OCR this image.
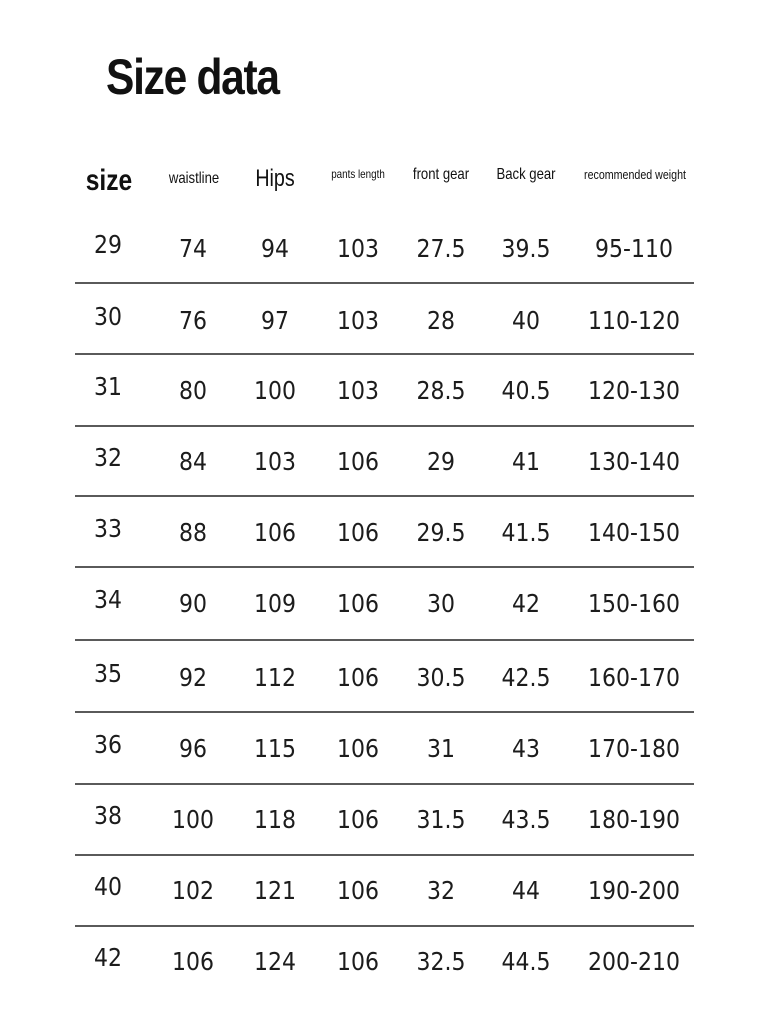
Size data
size waistline Hips	pants length front gear Back gear recommended weight
29 74 94 103 27.5 39.5 95-110
30 76 97 103 28 40 110-120
31 80 100 103 28.5 40.5 120-130
32 84 103 106 29 41 130-140
33 88 106 106 29.5 41.5 140-150
34 90 109 106 30 42 150-160
35 92 112 106 30.5 42.5 160-170
36 96 115 106 31 43 170-180
38 100 118 106 31.5 43.5 180-190
40 102 121 106 32 44 190-200
42 106 124 106 32.5 44.5 200-210
